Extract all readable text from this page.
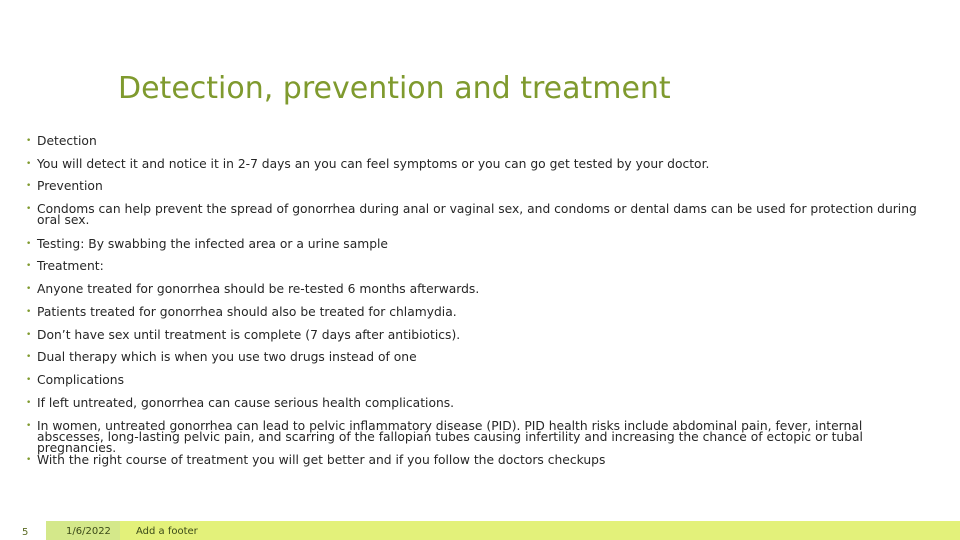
Detection, prevention and treatment
• Detection
• You will detect it and notice it in 2-7 days an you can feel symptoms or you can go get tested by your doctor.
• Prevention
• Condoms can help prevent the spread of gonorrhea during anal or vaginal sex, and condoms or dental dams can be used for protection during oral sex.
• Testing: By swabbing the infected area or a urine sample
• Treatment:
• Anyone treated for gonorrhea should be re-tested 6 months afterwards.
• Patients treated for gonorrhea should also be treated for chlamydia.
• Don’t have sex until treatment is complete (7 days after antibiotics).
• Dual therapy which is when you use two drugs instead of one
• Complications
• If left untreated, gonorrhea can cause serious health complications.
• In women, untreated gonorrhea can lead to pelvic inflammatory disease (PID). PID health risks include abdominal pain, fever, internal abscesses, long-lasting pelvic pain, and scarring of the fallopian tubes causing infertility and increasing the chance of ectopic or tubal pregnancies.
• With the right course of treatment you will get better and if you follow the doctors checkups
5	1/6/2022	Add a footer
